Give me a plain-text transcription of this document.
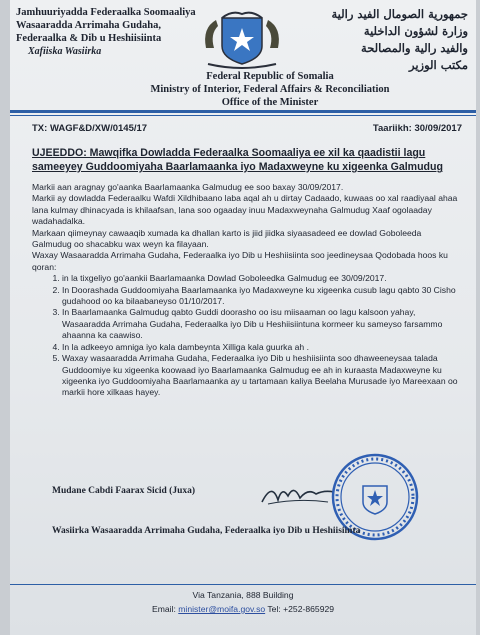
Jamhuuriyadda Federaalka Soomaaliya
Wasaaradda Arrimaha Gudaha,
Federaalka & Dib u Heshiisiinta
Xafiiska Wasiirka
جمهورية الصومال الفيد رالية
وزارة لشؤون الداخلية
والفيد رالية والمصالحة
مكتب الوزير
Federal Republic of Somalia
Ministry of Interior, Federal Affairs & Reconciliation
Office of the Minister
TX: WAGF&D/XW/0145/17	Taariikh: 30/09/2017
UJEEDDO: Mawqifka Dowladda Federaalka Soomaaliya ee xil ka qaadistii lagu sameeyey Guddoomiyaha Baarlamaanka iyo Madaxweyne ku xigeenka Galmudug

Markii aan aragnay go'aanka Baarlamaanka Galmudug ee soo baxay 30/09/2017.

Markii ay dowladda Federaalku Wafdi Xildhibaano laba aqal ah u dirtay Cadaado, kuwaas oo xal raadiyaal ahaa lana kulmay dhinacyada is khilaafsan, lana soo ogaaday inuu Madaxweynaha Galmudug Xaaf ogolaaday wadahadalka.

Markaan qiimeynay cawaaqib xumada ka dhallan karto is jiid jiidka siyaasadeed ee dowlad Goboleeda Galmudug oo shacabku wax weyn ka filayaan.

Waxay Wasaaradda Arrimaha Gudaha, Federaalka iyo Dib u Heshiisiinta soo jeedineysaa Qodobada hoos ku qoran:

1. in la tixgeliyo go'aankii Baarlamaanka Dowlad Goboleedka Galmudug ee 30/09/2017.
2. In Doorashada Guddoomiyaha Baarlamaanka iyo Madaxweyne ku xigeenka cusub lagu qabto 30 Cisho gudahood oo ka bilaabaneyso 01/10/2017.
3. In Baarlamaanka Galmudug qabto Guddi doorasho oo isu miisaaman oo lagu kalsoon yahay, Wasaaradda Arrimaha Gudaha, Federaalka iyo Dib u Heshiisiintuna kormeer ku sameyso farsammo ahaanna ka caawiso.
4. In la adkeeyo amniga iyo kala dambeynta Xilliga kala guurka ah .
5. Waxay wasaaradda Arrimaha Gudaha, Federaalka iyo Dib u heshiisiinta soo dhaweeneysaa talada Guddoomiye ku xigeenka koowaad iyo Baarlamaanka Galmudug ee ah in kuraasta Madaxweyne ku xigeenka iyo Guddoomiyaha Baarlamaanka ay u tartamaan kaliya Beelaha Murusade iyo Mareexaan oo markii hore xilkaas hayey.
Mudane Cabdi Faarax Sicid (Juxa)
Wasiirka Wasaaradda Arrimaha Gudaha, Federaalka iyo Dib u Heshiisiinta
Via Tanzania, 888 Building
Email: minister@moifa.gov.so Tel: +252-865929
